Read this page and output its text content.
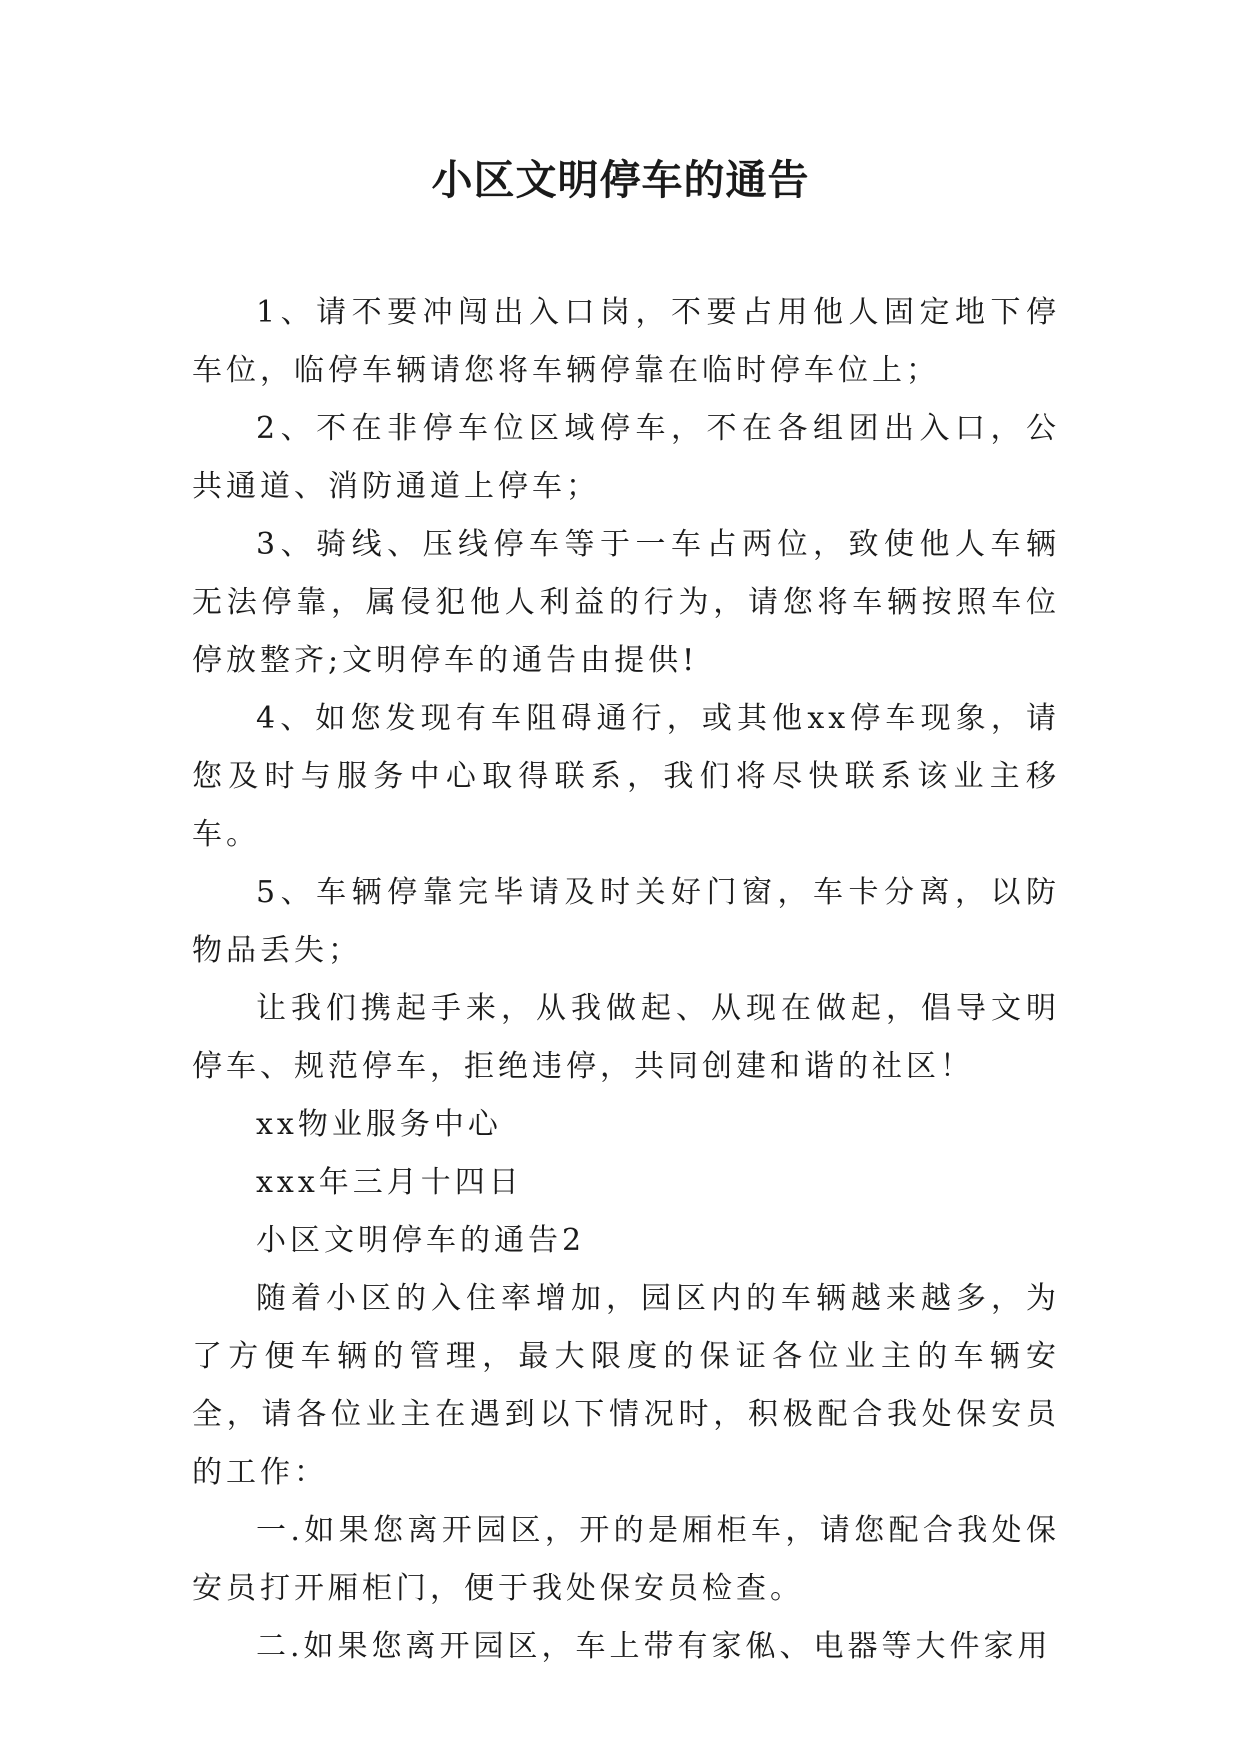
小区文明停车的通告

1、请不要冲闯出入口岗，不要占用他人固定地下停车位，临停车辆请您将车辆停靠在临时停车位上；

2、不在非停车位区域停车，不在各组团出入口，公共通道、消防通道上停车；

3、骑线、压线停车等于一车占两位，致使他人车辆无法停靠，属侵犯他人利益的行为，请您将车辆按照车位停放整齐;文明停车的通告由提供!

4、如您发现有车阻碍通行，或其他xx停车现象，请您及时与服务中心取得联系，我们将尽快联系该业主移车。

5、车辆停靠完毕请及时关好门窗，车卡分离，以防物品丢失；

让我们携起手来，从我做起、从现在做起，倡导文明停车、规范停车，拒绝违停，共同创建和谐的社区！

xx物业服务中心

xxx年三月十四日

小区文明停车的通告2

随着小区的入住率增加，园区内的车辆越来越多，为了方便车辆的管理，最大限度的保证各位业主的车辆安全，请各位业主在遇到以下情况时，积极配合我处保安员的工作：

一.如果您离开园区，开的是厢柜车，请您配合我处保安员打开厢柜门，便于我处保安员检查。

二.如果您离开园区，车上带有家俬、电器等大件家用
